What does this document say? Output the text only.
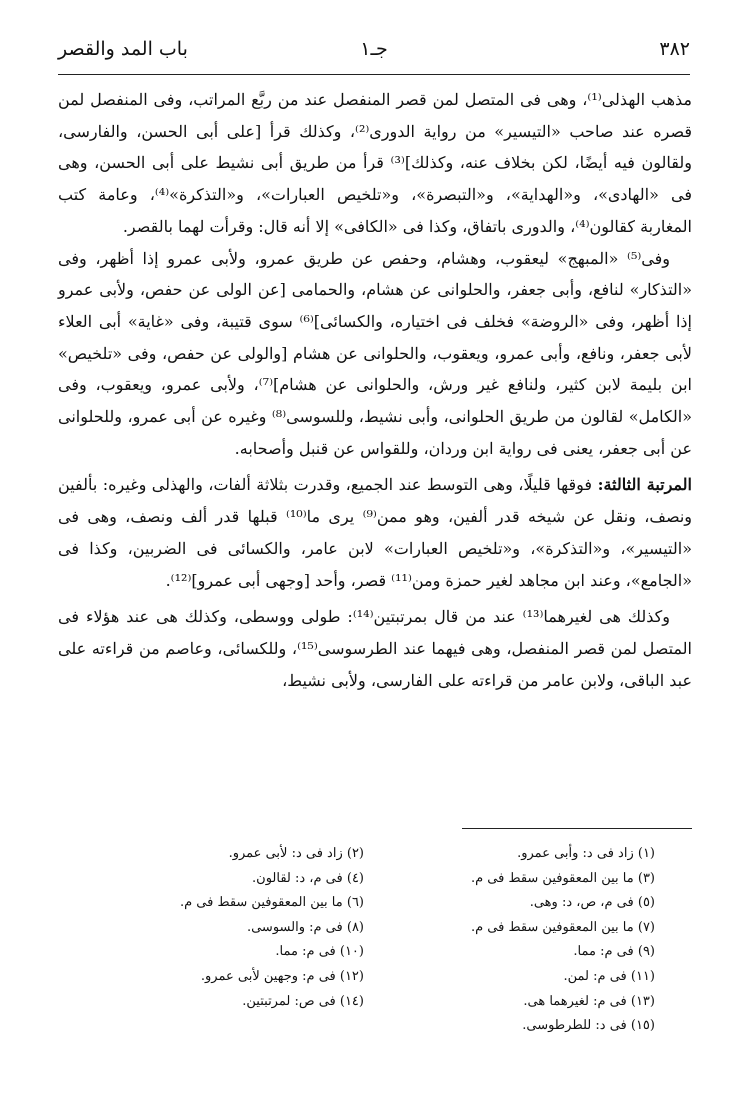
٣٨٢
جـ١
باب المد والقصر

مذهب الهذلى⁽¹⁾، وهى فى المتصل لمن قصر المنفصل عند من ربَّع المراتب، وفى المنفصل لمن قصره عند صاحب «التيسير» من رواية الدورى⁽²⁾، وكذلك قرأ [على أبى الحسن، والفارسى، ولقالون فيه أيضًا، لكن بخلاف عنه، وكذلك]⁽³⁾ قرأ من طريق أبى نشيط على أبى الحسن، وهى فى «الهادى»، و«الهداية»، و«التبصرة»، و«تلخيص العبارات»، و«التذكرة»⁽⁴⁾، وعامة كتب المغاربة كقالون⁽⁴⁾، والدورى باتفاق، وكذا فى «الكافى» إلا أنه قال: وقرأت لهما بالقصر.

وفى⁽⁵⁾ «المبهج» ليعقوب، وهشام، وحفص عن طريق عمرو، ولأبى عمرو إذا أظهر، وفى «التذكار» لنافع، وأبى جعفر، والحلوانى عن هشام، والحمامى [عن الولى عن حفص، ولأبى عمرو إذا أظهر، وفى «الروضة» فخلف فى اختياره، والكسائى]⁽⁶⁾ سوى قتيبة، وفى «غاية» أبى العلاء لأبى جعفر، ونافع، وأبى عمرو، ويعقوب، والحلوانى عن هشام [والولى عن حفص، وفى «تلخيص» ابن بليمة لابن كثير، ولنافع غير ورش، والحلوانى عن هشام]⁽⁷⁾، ولأبى عمرو، ويعقوب، وفى «الكامل» لقالون من طريق الحلوانى، وأبى نشيط، وللسوسى⁽⁸⁾ وغيره عن أبى عمرو، وللحلوانى عن أبى جعفر، يعنى فى رواية ابن وردان، وللقواس عن قنبل وأصحابه.

المرتبة الثالثة: فوقها قليلًا، وهى التوسط عند الجميع، وقدرت بثلاثة ألفات، والهذلى وغيره: بألفين ونصف، ونقل عن شيخه قدر ألفين، وهو ممن⁽⁹⁾ يرى ما⁽¹⁰⁾ قبلها قدر ألف ونصف، وهى فى «التيسير»، و«التذكرة»، و«تلخيص العبارات» لابن عامر، والكسائى فى الضربين، وكذا فى «الجامع»، وعند ابن مجاهد لغير حمزة ومن⁽¹¹⁾ قصر، وأحد [وجهى أبى عمرو]⁽¹²⁾.

وكذلك هى لغيرهما⁽¹³⁾ عند من قال بمرتبتين⁽¹⁴⁾: طولى ووسطى، وكذلك هى عند هؤلاء فى المتصل لمن قصر المنفصل، وهى فيهما عند الطرسوسى⁽¹⁵⁾، وللكسائى، وعاصم من قراءته على عبد الباقى، ولابن عامر من قراءته على الفارسى، ولأبى نشيط،

(١) زاد فى د: وأبى عمرو.
(٣) ما بين المعقوفين سقط فى م.
(٥) فى م، ص، د: وهى.
(٧) ما بين المعقوفين سقط فى م.
(٩) فى م: مما.
(١١) فى م: لمن.
(١٣) فى م: لغيرهما هى.
(١٥) فى د: للطرطوسى.
(٢) زاد فى د: لأبى عمرو.
(٤) فى م، د: لقالون.
(٦) ما بين المعقوفين سقط فى م.
(٨) فى م: والسوسى.
(١٠) فى م: مما.
(١٢) فى م: وجهين لأبى عمرو.
(١٤) فى ص: لمرتبتين.
